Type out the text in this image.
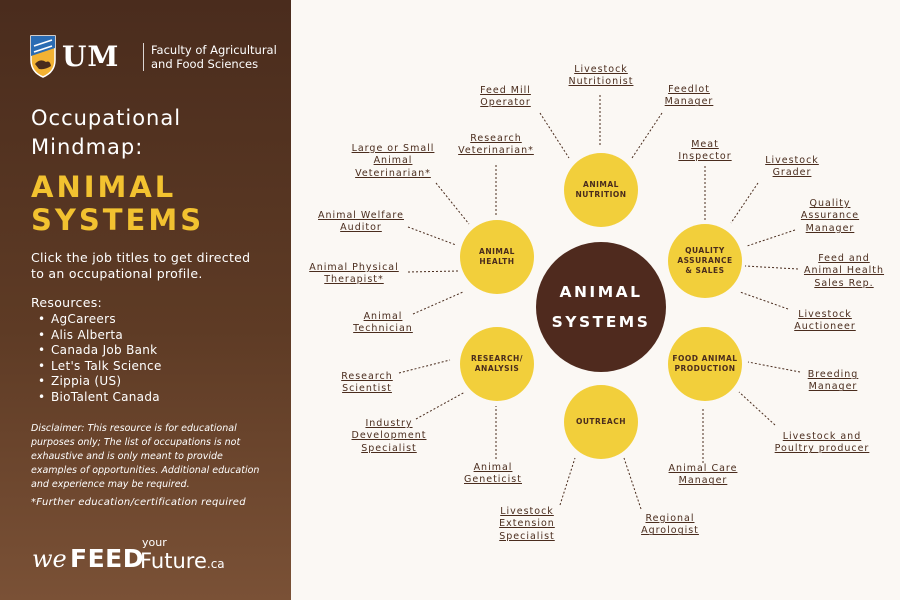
UM	Faculty of Agricultural
and Food Sciences
Occupational
Mindmap:
ANIMAL
SYSTEMS
Click the job titles to get directed to an occupational profile.
Resources:
• AgCareers
• Alis Alberta
• Canada Job Bank
• Let's Talk Science
• Zippia (US)
• BioTalent Canada
Disclaimer: This resource is for educational purposes only; The list of occupations is not exhaustive and is only meant to provide examples of opportunities. Additional education and experience may be required.
*Further education/certification required
we FEED
your
Future.ca
ANIMAL
SYSTEMS
ANIMAL
NUTRITION
QUALITY
ASSURANCE
& SALES
FOOD ANIMAL
PRODUCTION
OUTREACH
RESEARCH/
ANALYSIS
ANIMAL
HEALTH
Feed Mill
Operator
Livestock
Nutritionist
Feedlot
Manager
Meat
Inspector	Livestock
Grader
Quality
Assurance
Manager
Feed and
Animal Health
Sales Rep.
Livestock
Auctioneer
Breeding
Manager
Livestock and
Poultry producer
Animal Care
Manager
Regional
Agrologist
Livestock
Extension
Specialist
Animal
Geneticist
Industry
Development
Specialist
Research
Scientist
Animal
Technician
Animal Physical
Therapist*
Animal Welfare
Auditor
Large or Small
Animal
Veterinarian*
Research
Veterinarian*
